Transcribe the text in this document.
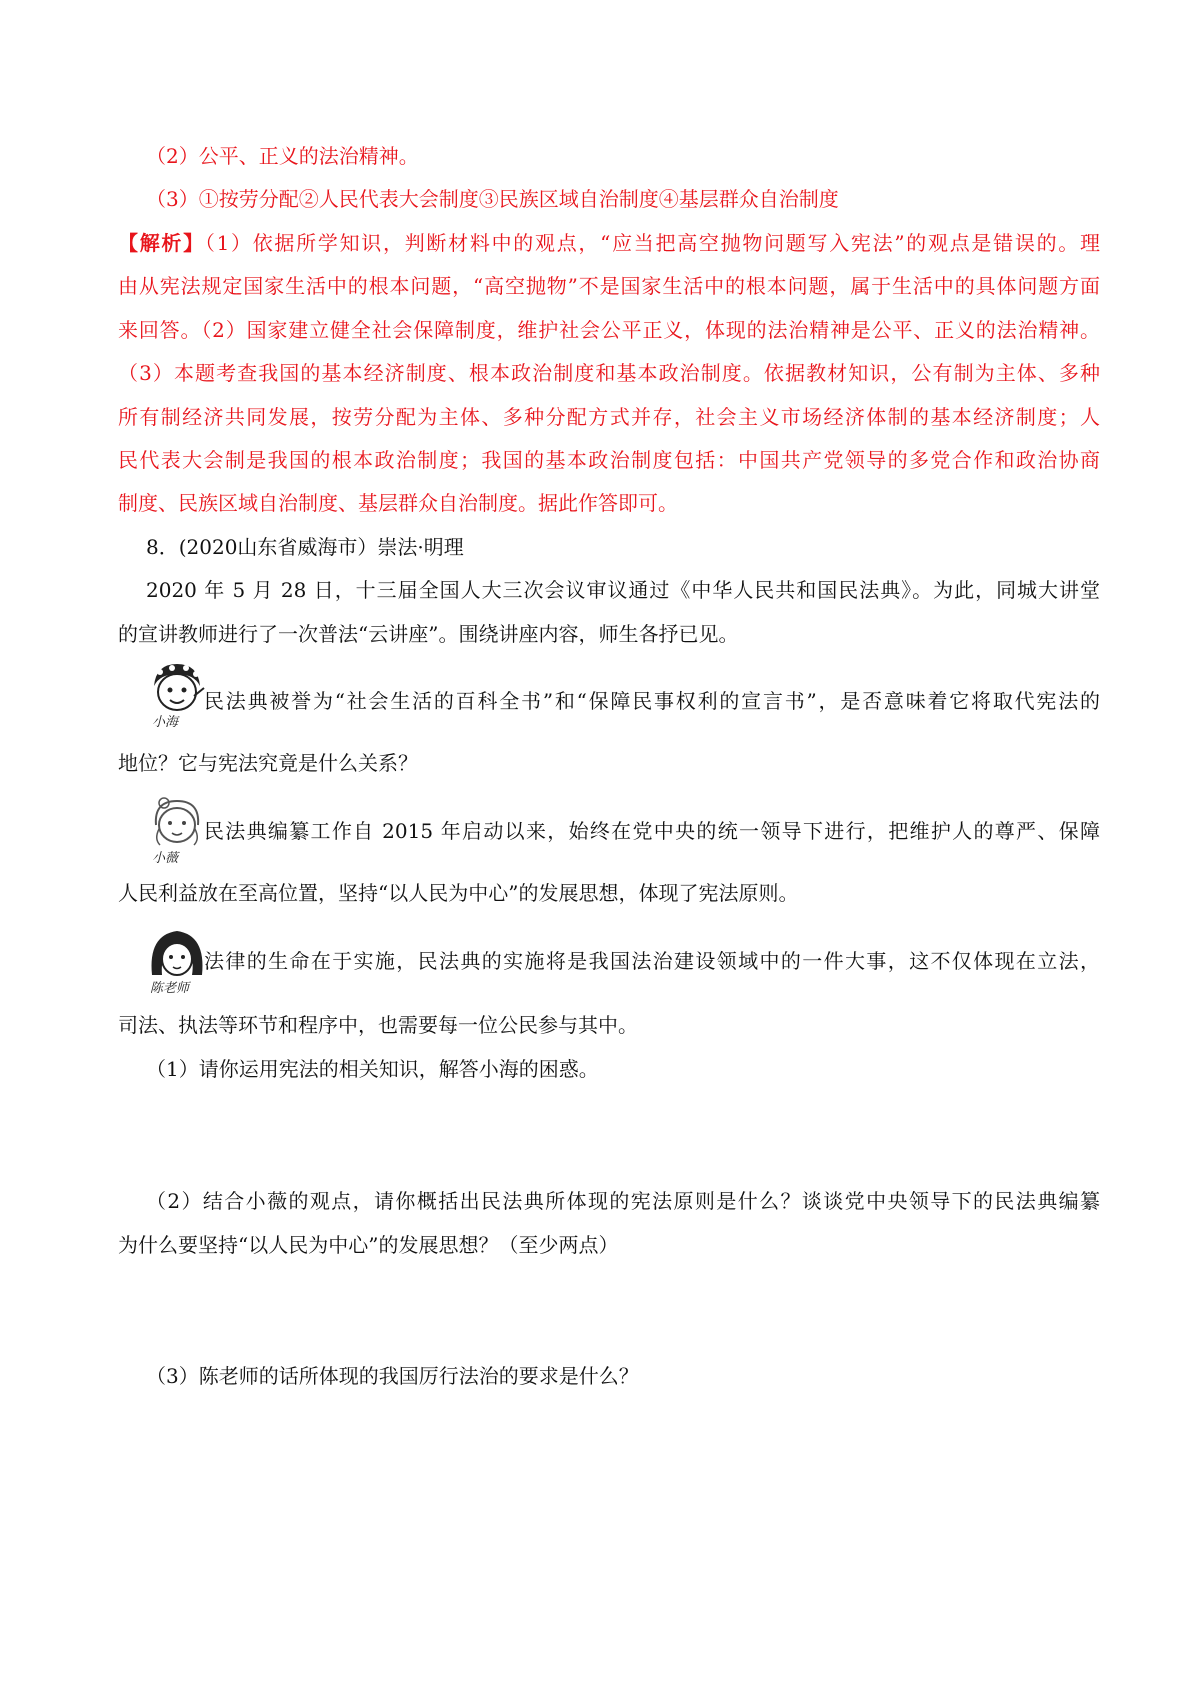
（2）公平、正义的法治精神。
（3）①按劳分配②人民代表大会制度③民族区域自治制度④基层群众自治制度
【解析】（1）依据所学知识，判断材料中的观点，“应当把高空抛物问题写入宪法”的观点是错误的。理
由从宪法规定国家生活中的根本问题，“高空抛物”不是国家生活中的根本问题，属于生活中的具体问题方面
来回答。（2）国家建立健全社会保障制度，维护社会公平正义，体现的法治精神是公平、正义的法治精神。
（3）本题考查我国的基本经济制度、根本政治制度和基本政治制度。依据教材知识，公有制为主体、多种
所有制经济共同发展，按劳分配为主体、多种分配方式并存，社会主义市场经济体制的基本经济制度；人
民代表大会制是我国的根本政治制度；我国的基本政治制度包括：中国共产党领导的多党合作和政治协商
制度、民族区域自治制度、基层群众自治制度。据此作答即可。
8．(2020山东省威海市）崇法·明理
2020 年 5 月 28 日，十三届全国人大三次会议审议通过《中华人民共和国民法典》。为此，同城大讲堂
的宣讲教师进行了一次普法“云讲座”。围绕讲座内容，师生各抒已见。
小海
民法典被誉为“社会生活的百科全书”和“保障民事权利的宣言书”，是否意味着它将取代宪法的
地位？它与宪法究竟是什么关系？
小薇
民法典编纂工作自 2015 年启动以来，始终在党中央的统一领导下进行，把维护人的尊严、保障
人民利益放在至高位置，坚持“以人民为中心”的发展思想，体现了宪法原则。
陈老师
法律的生命在于实施，民法典的实施将是我国法治建设领域中的一件大事，这不仅体现在立法，
司法、执法等环节和程序中，也需要每一位公民参与其中。
（1）请你运用宪法的相关知识，解答小海的困惑。
（2）结合小薇的观点，请你概括出民法典所体现的宪法原则是什么？谈谈党中央领导下的民法典编纂
为什么要坚持“以人民为中心”的发展思想？（至少两点）
（3）陈老师的话所体现的我国厉行法治的要求是什么？
